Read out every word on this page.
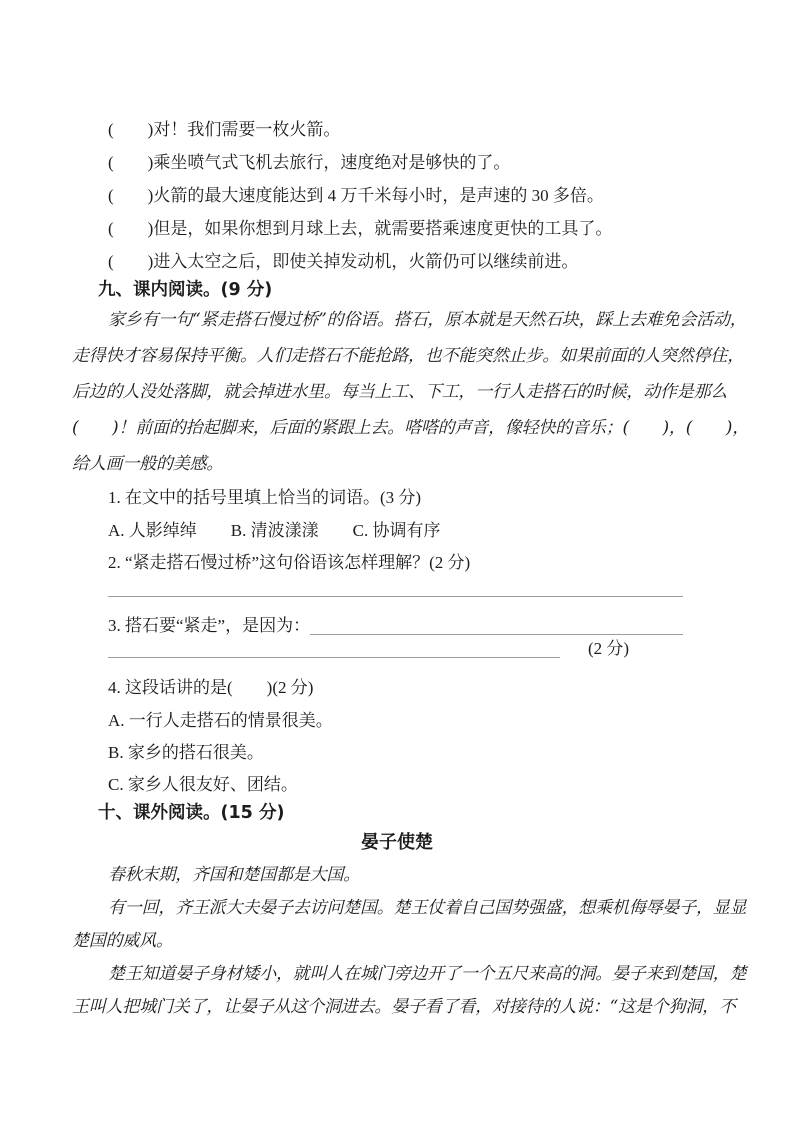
(　　)对！我们需要一枚火箭。
(　　)乘坐喷气式飞机去旅行，速度绝对是够快的了。
(　　)火箭的最大速度能达到 4 万千米每小时，是声速的 30 多倍。
(　　)但是，如果你想到月球上去，就需要搭乘速度更快的工具了。
(　　)进入太空之后，即使关掉发动机，火箭仍可以继续前进。
九、课内阅读。(9 分)
家乡有一句“紧走搭石慢过桥”的俗语。搭石，原本就是天然石块，踩上去难免会活动，
走得快才容易保持平衡。人们走搭石不能抢路，也不能突然止步。如果前面的人突然停住，
后边的人没处落脚，就会掉进水里。每当上工、下工，一行人走搭石的时候，动作是那么
(　　)！前面的抬起脚来，后面的紧跟上去。嗒嗒的声音，像轻快的音乐；(　　)，(　　)，
给人画一般的美感。
1. 在文中的括号里填上恰当的词语。(3 分)
A. 人影绰绰　　B. 清波漾漾　　C. 协调有序
2. “紧走搭石慢过桥”这句俗语该怎样理解？(2 分)
3. 搭石要“紧走”，是因为：
(2 分)
4. 这段话讲的是(　　)(2 分)
A. 一行人走搭石的情景很美。
B. 家乡的搭石很美。
C. 家乡人很友好、团结。
十、课外阅读。(15 分)
晏子使楚
春秋末期，齐国和楚国都是大国。
有一回，齐王派大夫晏子去访问楚国。楚王仗着自己国势强盛，想乘机侮辱晏子，显显
楚国的威风。
楚王知道晏子身材矮小，就叫人在城门旁边开了一个五尺来高的洞。晏子来到楚国，楚
王叫人把城门关了，让晏子从这个洞进去。晏子看了看，对接待的人说：“这是个狗洞，不
